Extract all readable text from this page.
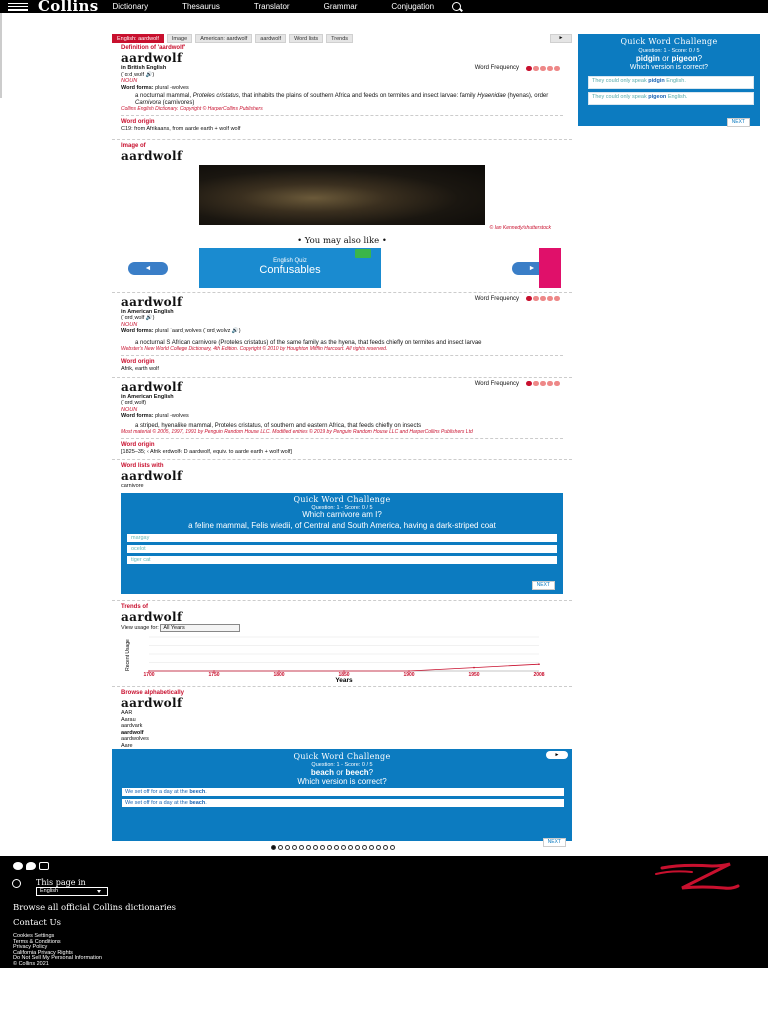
Collins Dictionary	Thesaurus	Translator	Grammar	Conjugation
Quick Word Challenge
Question: 1 - Score: 0 / 5
pidgin or pigeon?
Which version is correct?
They could only speak pidgin English.
They could only speak pigeon English.
NEXT
English: aardwolf	Image	American: aardwolf	aardwolf	Word lists	Trends	►
Definition of 'aardwolf'
aardwolf
Word Frequency
in British English
(ˈɑːdˌwʊlf 🔊)
NOUN
Word forms: plural -wolves
a nocturnal mammal, Proteles cristatus, that inhabits the plains of southern Africa and feeds on termites and insect larvae: family Hyaenidae (hyenas), order Carnivora (carnivores)
Collins English Dictionary. Copyright © HarperCollins Publishers
Word origin
C19: from Afrikaans, from aarde earth + wolf wolf
Image of
aardwolf
© Ian Kennedy/shutterstock
• You may also like •
◄
English Quiz
Confusables	►
aardwolf	Word Frequency
in American English
(ˈɑrdˌwʊlf 🔊)
NOUN
Word forms: plural ˈaardˌwolves (ˈɑrdˌwʊlvz 🔊)
a nocturnal S African carnivore (Proteles cristatus) of the same family as the hyena, that feeds chiefly on termites and insect larvae
Webster's New World College Dictionary, 4th Edition. Copyright © 2010 by Houghton Mifflin Harcourt. All rights reserved.
Word origin
Afrik, earth wolf
aardwolf	Word Frequency
in American English
(ˈɑrdˌwʊlf)
NOUN
Word forms: plural -wolves
a striped, hyenalike mammal, Proteles cristatus, of southern and eastern Africa, that feeds chiefly on insects
Most material © 2005, 1997, 1991 by Penguin Random House LLC. Modified entries © 2019 by Penguin Random House LLC and HarperCollins Publishers Ltd
Word origin
[1825–35; ‹ Afrik erdwolf‹ D aardwolf, equiv. to aarde earth + wolf wolf]
Word lists with
aardwolf
carnivore
Quick Word Challenge
Question: 1 - Score: 0 / 5
Which carnivore am I?
a feline mammal, Felis wiedii, of Central and South America, having a dark-striped coat
margay
ocelot
tiger cat
NEXT
Trends of
aardwolf
View usage for: All Years
1700	1750	1800	1850	1900	1950	2008
Years
Recent Usage
Browse alphabetically
aardwolf
AAR
Aarau
aardvark
aardwolf
aardwolves
Aare
►
Quick Word Challenge
Question: 1 - Score: 0 / 5
beach or beech?
Which version is correct?
We set off for a day at the beech.
We set off for a day at the beach.
NEXT
This page in
English
Browse all official Collins dictionaries
Contact Us
Cookies Settings
Terms & Conditions
Privacy Policy
California Privacy Rights
Do Not Sell My Personal Information
© Collins 2021
